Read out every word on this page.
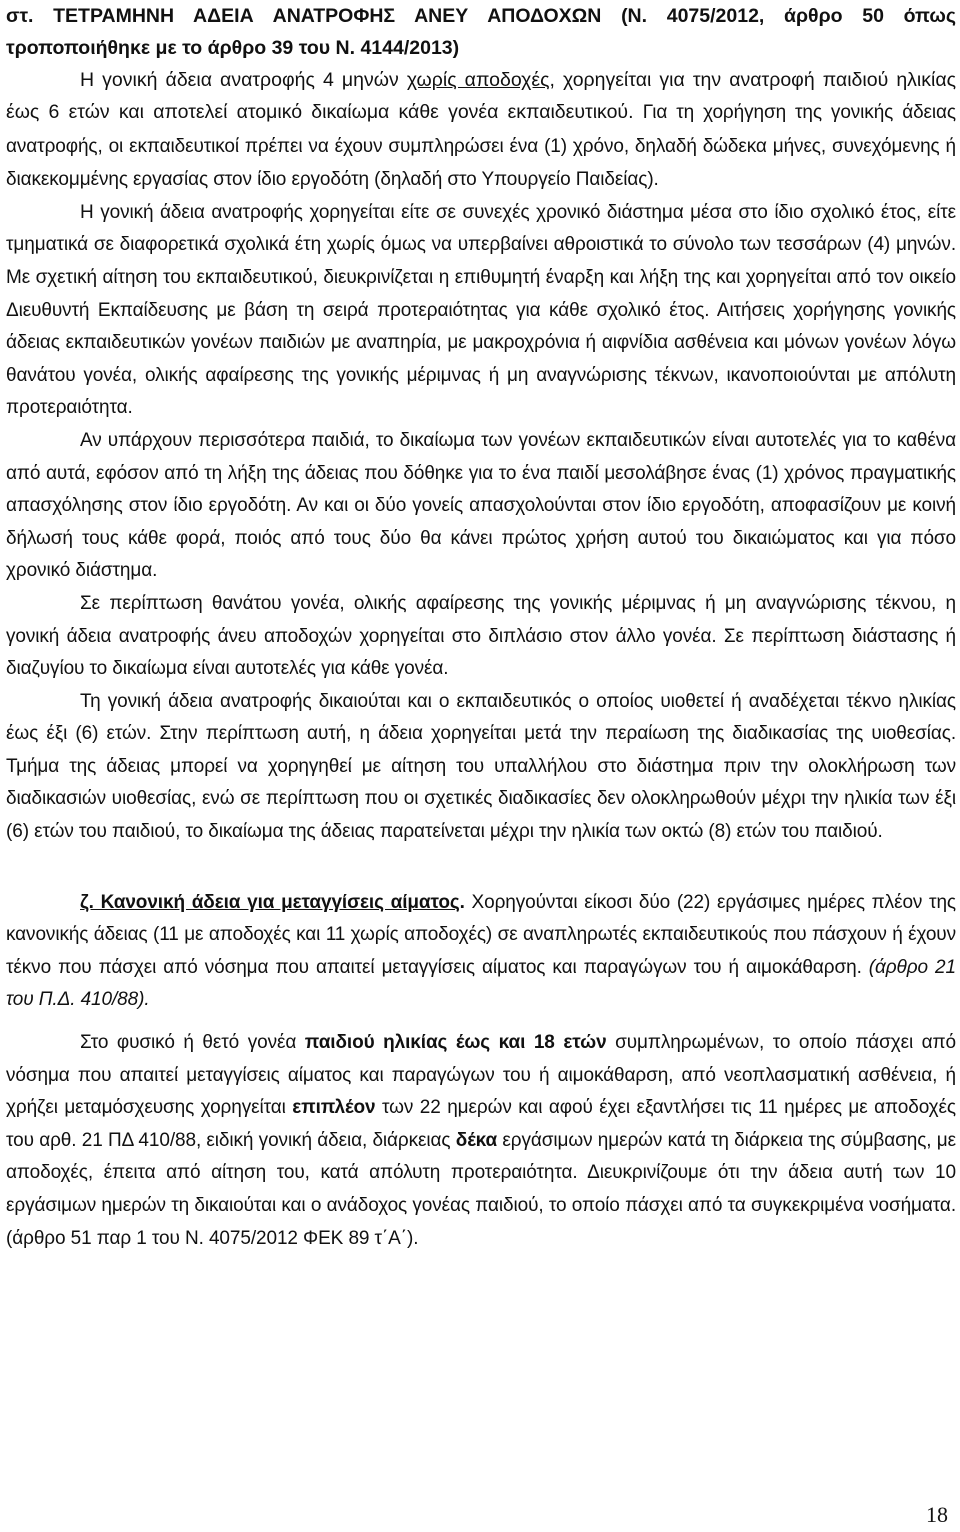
στ. ΤΕΤΡΑΜΗΝΗ ΑΔΕΙΑ ΑΝΑΤΡΟΦΗΣ ΑΝΕΥ ΑΠΟΔΟΧΩΝ (Ν. 4075/2012, άρθρο 50 όπως τροποποιήθηκε με το άρθρο 39 του Ν. 4144/2013)

Η γονική άδεια ανατροφής 4 μηνών χωρίς αποδοχές, χορηγείται για την ανατροφή παιδιού ηλικίας έως 6 ετών και αποτελεί ατομικό δικαίωμα κάθε γονέα εκπαιδευτικού. Για τη χορήγηση της γονικής άδειας ανατροφής, οι εκπαιδευτικοί πρέπει να έχουν συμπληρώσει ένα (1) χρόνο, δηλαδή δώδεκα μήνες, συνεχόμενης ή διακεκομμένης εργασίας στον ίδιο εργοδότη (δηλαδή στο Υπουργείο Παιδείας).

Η γονική άδεια ανατροφής χορηγείται είτε σε συνεχές χρονικό διάστημα μέσα στο ίδιο σχολικό έτος, είτε τμηματικά σε διαφορετικά σχολικά έτη χωρίς όμως να υπερβαίνει αθροιστικά το σύνολο των τεσσάρων (4) μηνών. Με σχετική αίτηση του εκπαιδευτικού, διευκρινίζεται η επιθυμητή έναρξη και λήξη της και χορηγείται από τον οικείο Διευθυντή Εκπαίδευσης με βάση τη σειρά προτεραιότητας για κάθε σχολικό έτος. Αιτήσεις χορήγησης γονικής άδειας εκπαιδευτικών γονέων παιδιών με αναπηρία, με μακροχρόνια ή αιφνίδια ασθένεια και μόνων γονέων λόγω θανάτου γονέα, ολικής αφαίρεσης της γονικής μέριμνας ή μη αναγνώρισης τέκνων, ικανοποιούνται με απόλυτη προτεραιότητα.

Αν υπάρχουν περισσότερα παιδιά, το δικαίωμα των γονέων εκπαιδευτικών είναι αυτοτελές για το καθένα από αυτά, εφόσον από τη λήξη της άδειας που δόθηκε για το ένα παιδί μεσολάβησε ένας (1) χρόνος πραγματικής απασχόλησης στον ίδιο εργοδότη. Αν και οι δύο γονείς απασχολούνται στον ίδιο εργοδότη, αποφασίζουν με κοινή δήλωσή τους κάθε φορά, ποιός από τους δύο θα κάνει πρώτος χρήση αυτού του δικαιώματος και για πόσο χρονικό διάστημα.

Σε περίπτωση θανάτου γονέα, ολικής αφαίρεσης της γονικής μέριμνας ή μη αναγνώρισης τέκνου, η γονική άδεια ανατροφής άνευ αποδοχών χορηγείται στο διπλάσιο στον άλλο γονέα. Σε περίπτωση διάστασης ή διαζυγίου το δικαίωμα είναι αυτοτελές για κάθε γονέα.

Τη γονική άδεια ανατροφής δικαιούται και ο εκπαιδευτικός ο οποίος υιοθετεί ή αναδέχεται τέκνο ηλικίας έως έξι (6) ετών. Στην περίπτωση αυτή, η άδεια χορηγείται μετά την περαίωση της διαδικασίας της υιοθεσίας. Τμήμα της άδειας μπορεί να χορηγηθεί με αίτηση του υπαλλήλου στο διάστημα πριν την ολοκλήρωση των διαδικασιών υιοθεσίας, ενώ σε περίπτωση που οι σχετικές διαδικασίες δεν ολοκληρωθούν μέχρι την ηλικία των έξι (6) ετών του παιδιού, το δικαίωμα της άδειας παρατείνεται μέχρι την ηλικία των οκτώ (8) ετών του παιδιού.

ζ. Κανονική άδεια για μεταγγίσεις αίματος. Χορηγούνται είκοσι δύο (22) εργάσιμες ημέρες πλέον της κανονικής άδειας (11 με αποδοχές και 11 χωρίς αποδοχές) σε αναπληρωτές εκπαιδευτικούς που πάσχουν ή έχουν τέκνο που πάσχει από νόσημα που απαιτεί μεταγγίσεις αίματος και παραγώγων του ή αιμοκάθαρση. (άρθρο 21 του Π.Δ. 410/88).

Στο φυσικό ή θετό γονέα παιδιού ηλικίας έως και 18 ετών συμπληρωμένων, το οποίο πάσχει από νόσημα που απαιτεί μεταγγίσεις αίματος και παραγώγων του ή αιμοκάθαρση, από νεοπλασματική ασθένεια, ή χρήζει μεταμόσχευσης χορηγείται επιπλέον των 22 ημερών και αφού έχει εξαντλήσει τις 11 ημέρες με αποδοχές του αρθ. 21 ΠΔ 410/88, ειδική γονική άδεια, διάρκειας δέκα εργάσιμων ημερών κατά τη διάρκεια της σύμβασης, με αποδοχές, έπειτα από αίτηση του, κατά απόλυτη προτεραιότητα. Διευκρινίζουμε ότι την άδεια αυτή των 10 εργάσιμων ημερών τη δικαιούται και ο ανάδοχος γονέας παιδιού, το οποίο πάσχει από τα συγκεκριμένα νοσήματα. (άρθρο 51 παρ 1 του Ν. 4075/2012 ΦΕΚ 89 τ΄Α΄).

18
